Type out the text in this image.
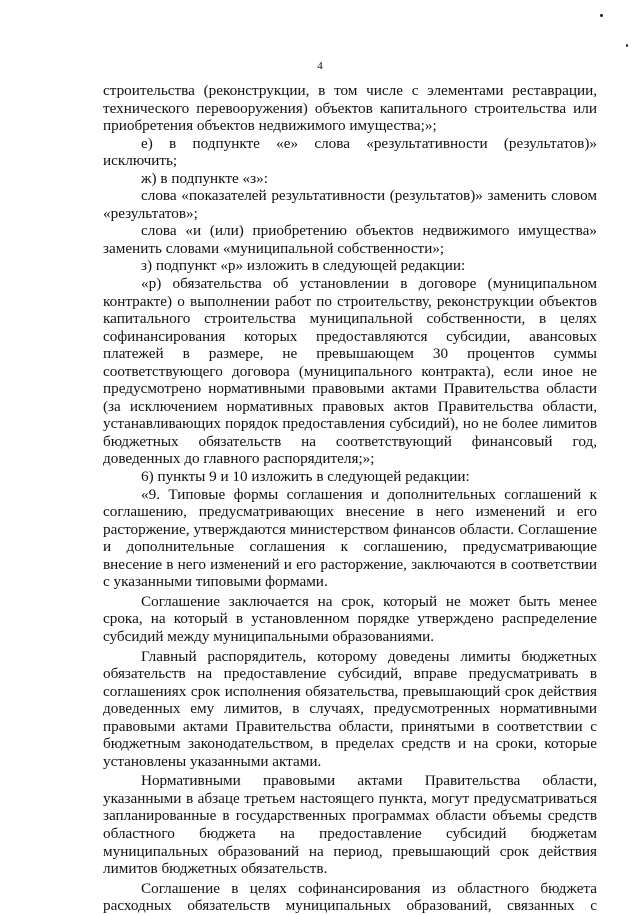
4

строительства (реконструкции, в том числе с элементами реставрации, технического перевооружения) объектов капитального строительства или приобретения объектов недвижимого имущества;»;

е) в подпункте «е» слова «результативности (результатов)» исключить;

ж) в подпункте «з»:

слова «показателей результативности (результатов)» заменить словом «результатов»;

слова «и (или) приобретению объектов недвижимого имущества» заменить словами «муниципальной собственности»;

з) подпункт «р» изложить в следующей редакции:

«р) обязательства об установлении в договоре (муниципальном контракте) о выполнении работ по строительству, реконструкции объектов капитального строительства муниципальной собственности, в целях софинансирования которых предоставляются субсидии, авансовых платежей в размере, не превышающем 30 процентов суммы соответствующего договора (муниципального контракта), если иное не предусмотрено нормативными правовыми актами Правительства области (за исключением нормативных правовых актов Правительства области, устанавливающих порядок предоставления субсидий), но не более лимитов бюджетных обязательств на соответствующий финансовый год, доведенных до главного распорядителя;»;

6) пункты 9 и 10 изложить в следующей редакции:

«9. Типовые формы соглашения и дополнительных соглашений к соглашению, предусматривающих внесение в него изменений и его расторжение, утверждаются министерством финансов области. Соглашение и дополнительные соглашения к соглашению, предусматривающие внесение в него изменений и его расторжение, заключаются в соответствии с указанными типовыми формами.

Соглашение заключается на срок, который не может быть менее срока, на который в установленном порядке утверждено распределение субсидий между муниципальными образованиями.

Главный распорядитель, которому доведены лимиты бюджетных обязательств на предоставление субсидий, вправе предусматривать в соглашениях срок исполнения обязательства, превышающий срок действия доведенных ему лимитов, в случаях, предусмотренных нормативными правовыми актами Правительства области, принятыми в соответствии с бюджетным законодательством, в пределах средств и на сроки, которые установлены указанными актами.

Нормативными правовыми актами Правительства области, указанными в абзаце третьем настоящего пункта, могут предусматриваться запланированные в государственных программах области объемы средств областного бюджета на предоставление субсидий бюджетам муниципальных образований на период, превышающий срок действия лимитов бюджетных обязательств.

Соглашение в целях софинансирования из областного бюджета расходных обязательств муниципальных образований, связанных с
